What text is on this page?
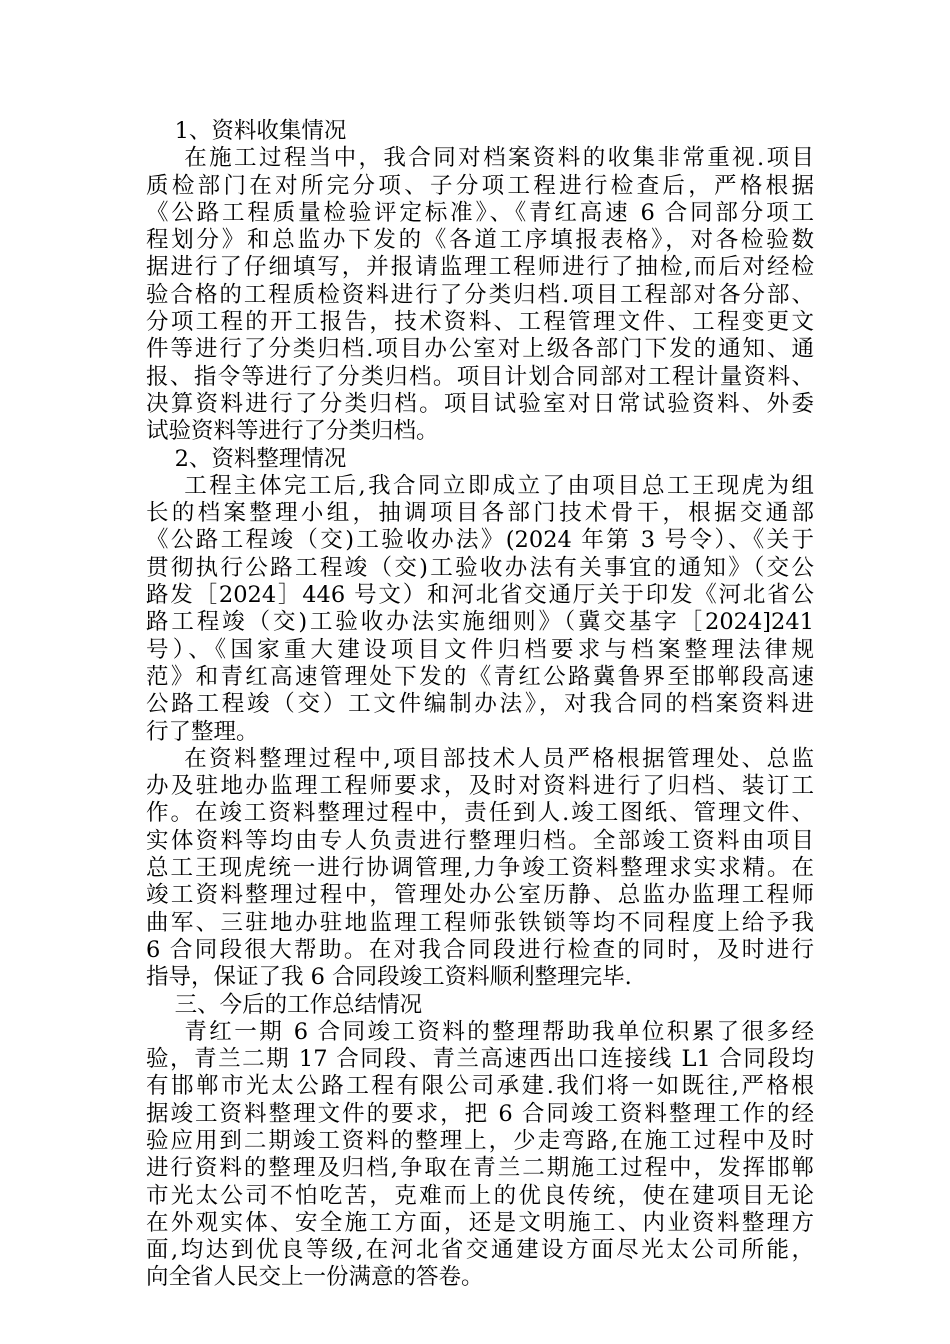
1、资料收集情况
在施工过程当中，我合同对档案资料的收集非常重视.项目
质检部门在对所完分项、子分项工程进行检查后，严格根据
《公路工程质量检验评定标准》、《青红高速 6 合同部分项工
程划分》和总监办下发的《各道工序填报表格》，对各检验数
据进行了仔细填写，并报请监理工程师进行了抽检,而后对经检
验合格的工程质检资料进行了分类归档.项目工程部对各分部、
分项工程的开工报告，技术资料、工程管理文件、工程变更文
件等进行了分类归档.项目办公室对上级各部门下发的通知、通
报、指令等进行了分类归档。项目计划合同部对工程计量资料、
决算资料进行了分类归档。项目试验室对日常试验资料、外委
试验资料等进行了分类归档。
2、资料整理情况
工程主体完工后,我合同立即成立了由项目总工王现虎为组
长的档案整理小组，抽调项目各部门技术骨干，根据交通部
《公路工程竣（交)工验收办法》(2024 年第 3 号令）、《关于
贯彻执行公路工程竣（交)工验收办法有关事宜的通知》（交公
路发［2024］446 号文）和河北省交通厅关于印发《河北省公
路工程竣（交)工验收办法实施细则》（冀交基字［2024]241
号）、《国家重大建设项目文件归档要求与档案整理法律规
范》和青红高速管理处下发的《青红公路冀鲁界至邯郸段高速
公路工程竣（交）工文件编制办法》，对我合同的档案资料进
行了整理。
在资料整理过程中,项目部技术人员严格根据管理处、总监
办及驻地办监理工程师要求，及时对资料进行了归档、装订工
作。在竣工资料整理过程中，责任到人.竣工图纸、管理文件、
实体资料等均由专人负责进行整理归档。全部竣工资料由项目
总工王现虎统一进行协调管理,力争竣工资料整理求实求精。在
竣工资料整理过程中，管理处办公室历静、总监办监理工程师
曲军、三驻地办驻地监理工程师张铁锁等均不同程度上给予我
6 合同段很大帮助。在对我合同段进行检查的同时，及时进行
指导，保证了我 6 合同段竣工资料顺利整理完毕.
三、今后的工作总结情况
青红一期 6 合同竣工资料的整理帮助我单位积累了很多经
验，青兰二期 17 合同段、青兰高速西出口连接线 L1 合同段均
有邯郸市光太公路工程有限公司承建.我们将一如既往,严格根
据竣工资料整理文件的要求，把 6 合同竣工资料整理工作的经
验应用到二期竣工资料的整理上，少走弯路,在施工过程中及时
进行资料的整理及归档,争取在青兰二期施工过程中，发挥邯郸
市光太公司不怕吃苦，克难而上的优良传统，使在建项目无论
在外观实体、安全施工方面，还是文明施工、内业资料整理方
面,均达到优良等级,在河北省交通建设方面尽光太公司所能，
向全省人民交上一份满意的答卷。
